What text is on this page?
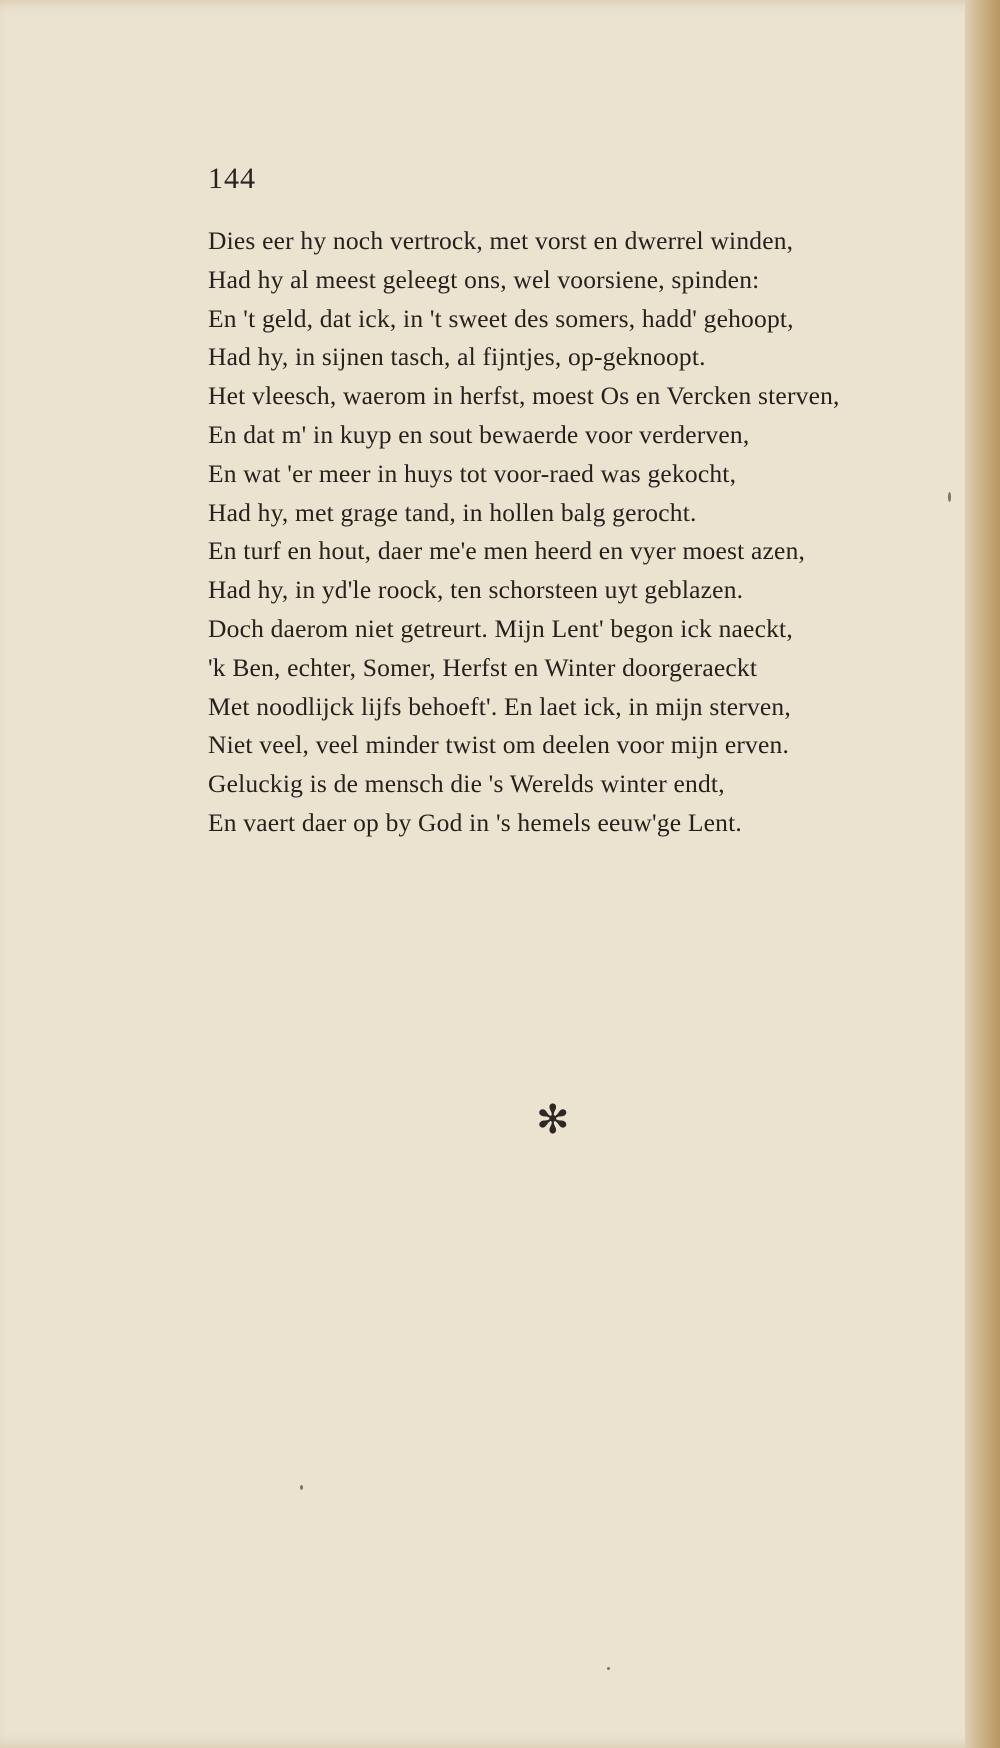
144
Dies eer hy noch vertrock, met vorst en dwerrel winden,
Had hy al meest geleegt ons, wel voorsiene, spinden:
En 't geld, dat ick, in 't sweet des somers, hadd' gehoopt,
Had hy, in sijnen tasch, al fijntjes, op-geknoopt.
Het vleesch, waerom in herfst, moest Os en Vercken sterven,
En dat m' in kuyp en sout bewaerde voor verderven,
En wat 'er meer in huys tot voor-raed was gekocht,
Had hy, met grage tand, in hollen balg gerocht.
En turf en hout, daer me'e men heerd en vyer moest azen,
Had hy, in yd'le roock, ten schorsteen uyt geblazen.
Doch daerom niet getreurt. Mijn Lent' begon ick naeckt,
'k Ben, echter, Somer, Herfst en Winter doorgeraeckt
Met noodlijck lijfs behoeft'. En laet ick, in mijn sterven,
Niet veel, veel minder twist om deelen voor mijn erven.
Geluckig is de mensch die 's Werelds winter endt,
En vaert daer op by God in 's hemels eeuw'ge Lent.
✻
